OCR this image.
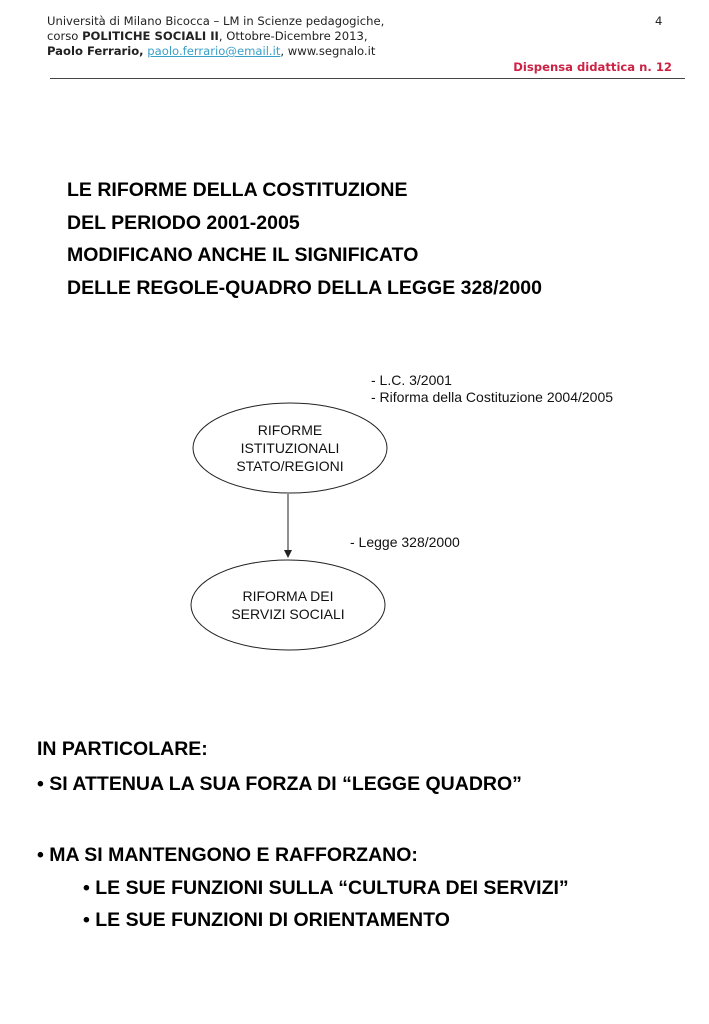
Università di Milano Bicocca – LM in Scienze pedagogiche,
corso POLITICHE SOCIALI II, Ottobre-Dicembre 2013,
Paolo Ferrario, paolo.ferrario@email.it, www.segnalo.it
4
Dispensa didattica n. 12
LE RIFORME DELLA COSTITUZIONE
DEL PERIODO 2001-2005
MODIFICANO ANCHE IL SIGNIFICATO
DELLE REGOLE-QUADRO DELLA LEGGE 328/2000
- L.C. 3/2001
- Riforma della Costituzione 2004/2005
RIFORME
ISTITUZIONALI
STATO/REGIONI
- Legge 328/2000
RIFORMA DEI
SERVIZI SOCIALI
IN PARTICOLARE:
• SI ATTENUA LA SUA FORZA DI “LEGGE QUADRO”
• MA SI MANTENGONO E RAFFORZANO:
• LE SUE FUNZIONI SULLA “CULTURA DEI SERVIZI”
• LE SUE FUNZIONI DI ORIENTAMENTO
